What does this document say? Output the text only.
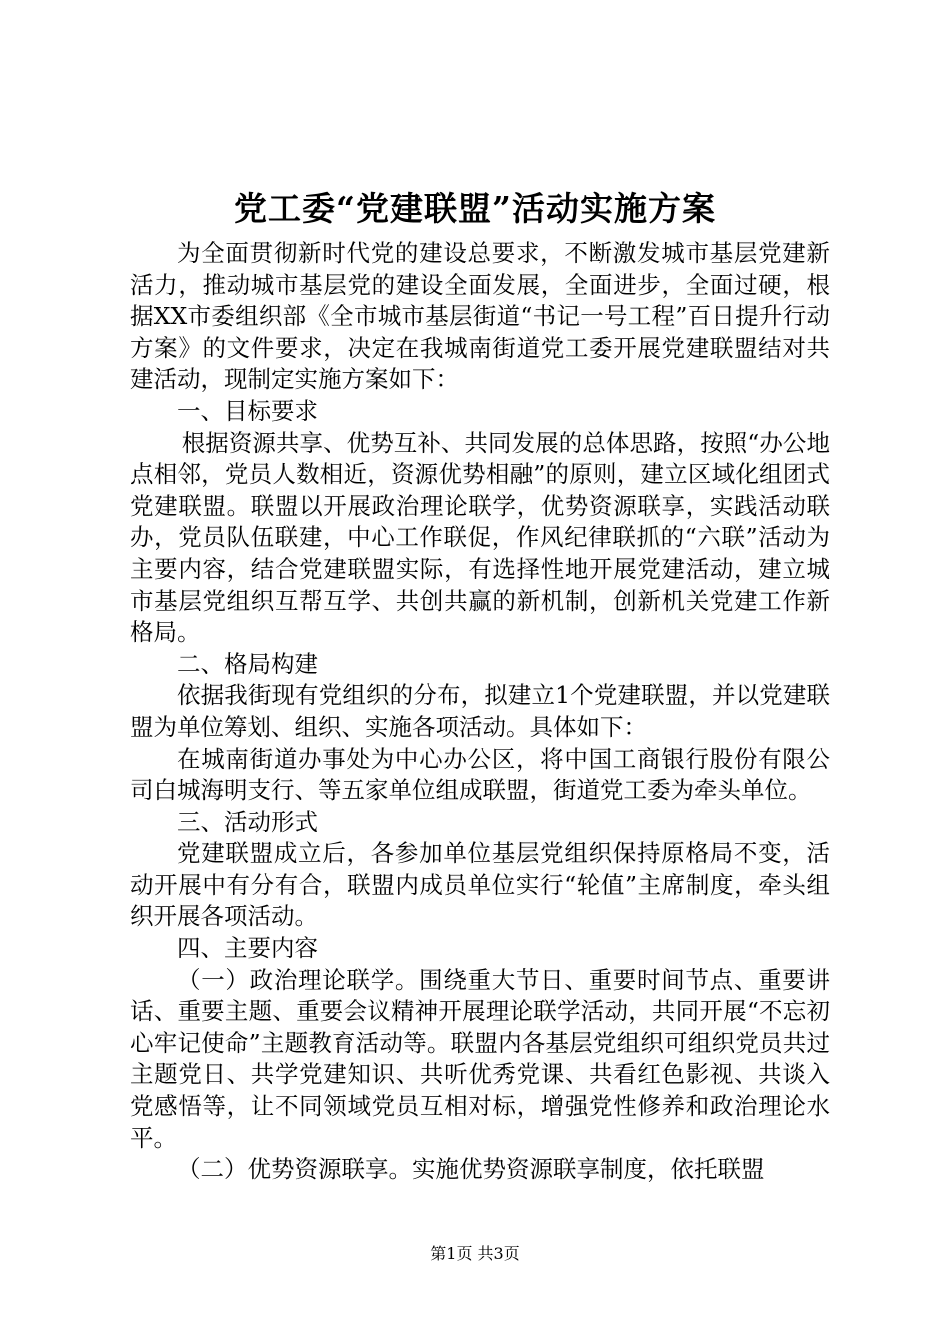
党工委“党建联盟”活动实施方案

为全面贯彻新时代党的建设总要求，不断激发城市基层党建新活力，推动城市基层党的建设全面发展，全面进步，全面过硬，根据XX市委组织部《全市城市基层街道“书记一号工程”百日提升行动方案》的文件要求，决定在我城南街道党工委开展党建联盟结对共建活动，现制定实施方案如下：

一、目标要求

根据资源共享、优势互补、共同发展的总体思路，按照“办公地点相邻，党员人数相近，资源优势相融”的原则，建立区域化组团式党建联盟。联盟以开展政治理论联学，优势资源联享，实践活动联办，党员队伍联建，中心工作联促，作风纪律联抓的“六联”活动为主要内容，结合党建联盟实际，有选择性地开展党建活动，建立城市基层党组织互帮互学、共创共赢的新机制，创新机关党建工作新格局。

二、格局构建

依据我街现有党组织的分布，拟建立1个党建联盟，并以党建联盟为单位筹划、组织、实施各项活动。具体如下：

在城南街道办事处为中心办公区，将中国工商银行股份有限公司白城海明支行、等五家单位组成联盟，街道党工委为牵头单位。

三、活动形式

党建联盟成立后，各参加单位基层党组织保持原格局不变，活动开展中有分有合，联盟内成员单位实行“轮值”主席制度，牵头组织开展各项活动。

四、主要内容

（一）政治理论联学。围绕重大节日、重要时间节点、重要讲话、重要主题、重要会议精神开展理论联学活动，共同开展“不忘初心牢记使命”主题教育活动等。联盟内各基层党组织可组织党员共过主题党日、共学党建知识、共听优秀党课、共看红色影视、共谈入党感悟等，让不同领域党员互相对标，增强党性修养和政治理论水平。

（二）优势资源联享。实施优势资源联享制度，依托联盟

第1页 共3页
